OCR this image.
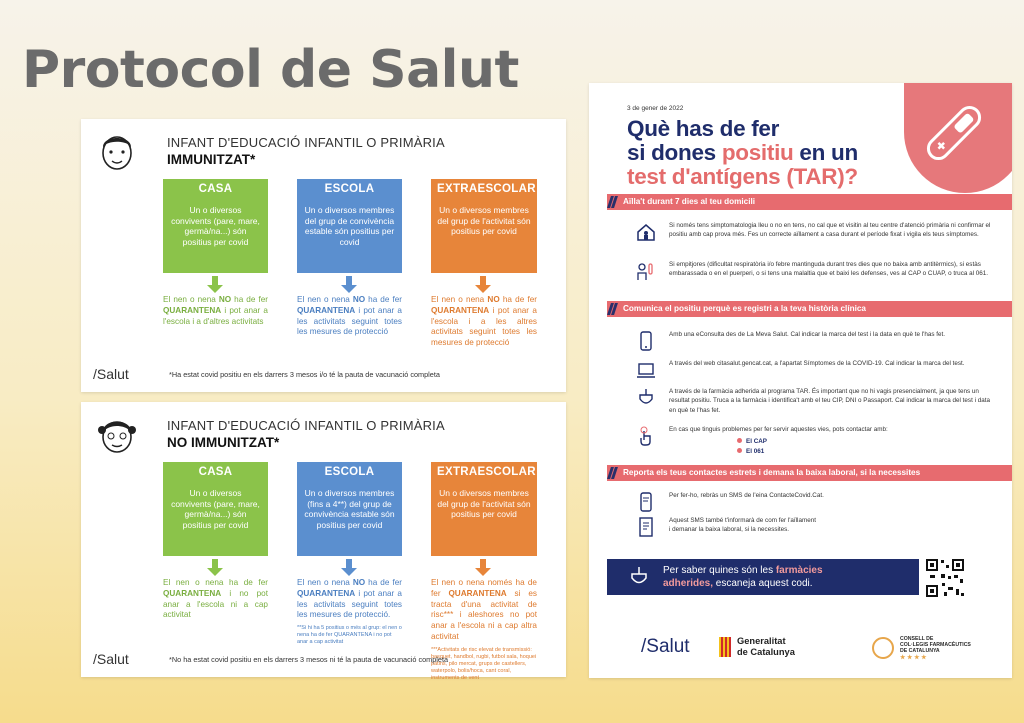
Protocol de Salut
INFANT D'EDUCACIÓ INFANTIL O PRIMÀRIA
IMMUNITZAT*
CASA
Un o diversos convivents (pare, mare, germà/na...) són positius per covid
El nen o nena NO ha de fer QUARANTENA i pot anar a l'escola i a d'altres activitats
ESCOLA
Un o diversos membres del grup de convivència estable són positius per covid
El nen o nena NO ha de fer QUARANTENA i pot anar a les activitats seguint totes les mesures de protecció
EXTRAESCOLAR
Un o diversos membres del grup de l'activitat són positius per covid
El nen o nena NO ha de fer QUARANTENA i pot anar a l'escola i a les altres activitats seguint totes les mesures de protecció
/Salut	*Ha estat covid positiu en els darrers 3 mesos i/o té la pauta de vacunació completa
INFANT D'EDUCACIÓ INFANTIL O PRIMÀRIA
NO IMMUNITZAT*
CASA
Un o diversos convivents (pare, mare, germà/na...) són positius per covid
El nen o nena ha de fer QUARANTENA i no pot anar a l'escola ni a cap activitat
ESCOLA
Un o diversos membres (fins a 4**) del grup de convivència estable són positius per covid
El nen o nena NO ha de fer QUARANTENA i pot anar a les activitats seguint totes les mesures de protecció.
**Si hi ha 5 positius o més al grup: el nen o nena ha de fer QUARANTENA i no pot anar a cap activitat
EXTRAESCOLAR
Un o diversos membres del grup de l'activitat són positius per covid
El nen o nena només ha de fer QUARANTENA si es tracta d'una activitat de risc*** i aleshores no pot anar a l'escola ni a cap altra activitat
***Activitats de risc elevat de transmissió: basquet, handbol, rugbi, futbol sala, hoquei patins, pilo mercat, grups de castellers, waterpolo, bolis/hoca, cant coral, instruments de vent
/Salut	*No ha estat covid positiu en els darrers 3 mesos ni té la pauta de vacunació completa
3 de gener de 2022
Què has de fer
si dones positiu en un
test d'antígens (TAR)?
Aïlla't durant 7 dies al teu domicili
Si només tens simptomatologia lleu o no en tens, no cal que et visitin al teu centre d'atenció primària ni confirmar el positiu amb cap prova més. Fes un correcte aïllament a casa durant el període fixat i vigila els teus símptomes.
Si empitjores (dificultat respiratòria i/o febre mantinguda durant tres dies que no baixa amb antitèrmics), si estàs embarassada o en el puerperi, o si tens una malaltia que et baixi les defenses, ves al CAP o CUAP, o truca al 061.
Comunica el positiu perquè es registri a la teva història clínica
Amb una eConsulta des de La Meva Salut. Cal indicar la marca del test i la data en què te l'has fet.
A través del web citasalut.gencat.cat, a l'apartat Símptomes de la COVID-19. Cal indicar la marca del test.
A través de la farmàcia adherida al programa TAR. És important que no hi vagis presencialment, ja que tens un resultat positiu. Truca a la farmàcia i identifica't amb el teu CIP, DNI o Passaport. Cal indicar la marca del test i data en què te l'has fet.
En cas que tinguis problemes per fer servir aquestes vies, pots contactar amb:
El CAP
El 061
Reporta els teus contactes estrets i demana la baixa laboral, si la necessites
Per fer-ho, rebràs un SMS de l'eina ContacteCovid.Cat.
Aquest SMS també t'informarà de com fer l'aïllament
i demanar la baixa laboral, si la necessites.
Per saber quines són les farmàcies
adherides, escaneja aquest codi.
/Salut	Generalitat
de Catalunya
CONSELL DE
COL·LEGIS FARMACÈUTICS
DE CATALUNYA
★ ★ ★ ★
